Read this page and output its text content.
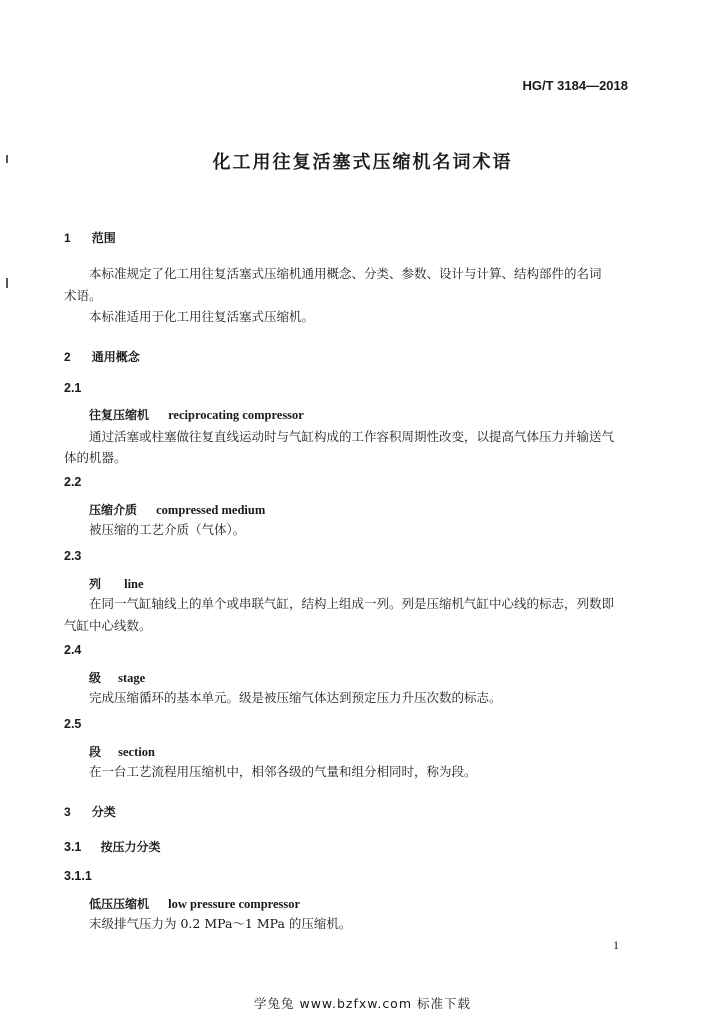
HG/T 3184—2018
化工用往复活塞式压缩机名词术语
1 范围
本标准规定了化工用往复活塞式压缩机通用概念、分类、参数、设计与计算、结构部件的名词
术语。
本标准适用于化工用往复活塞式压缩机。
2 通用概念
2.1
往复压缩机 reciprocating compressor
通过活塞或柱塞做往复直线运动时与气缸构成的工作容积周期性改变，以提高气体压力并输送气
体的机器。
2.2
压缩介质 compressed medium
被压缩的工艺介质（气体）。
2.3
列 line
在同一气缸轴线上的单个或串联气缸，结构上组成一列。列是压缩机气缸中心线的标志，列数即
气缸中心线数。
2.4
级 stage
完成压缩循环的基本单元。级是被压缩气体达到预定压力升压次数的标志。
2.5
段 section
在一台工艺流程用压缩机中，相邻各级的气量和组分相同时，称为段。
3 分类
3.1 按压力分类
3.1.1
低压压缩机 low pressure compressor
末级排气压力为 0.2 MPa～1 MPa 的压缩机。
1
学兔兔 www.bzfxw.com 标准下载
